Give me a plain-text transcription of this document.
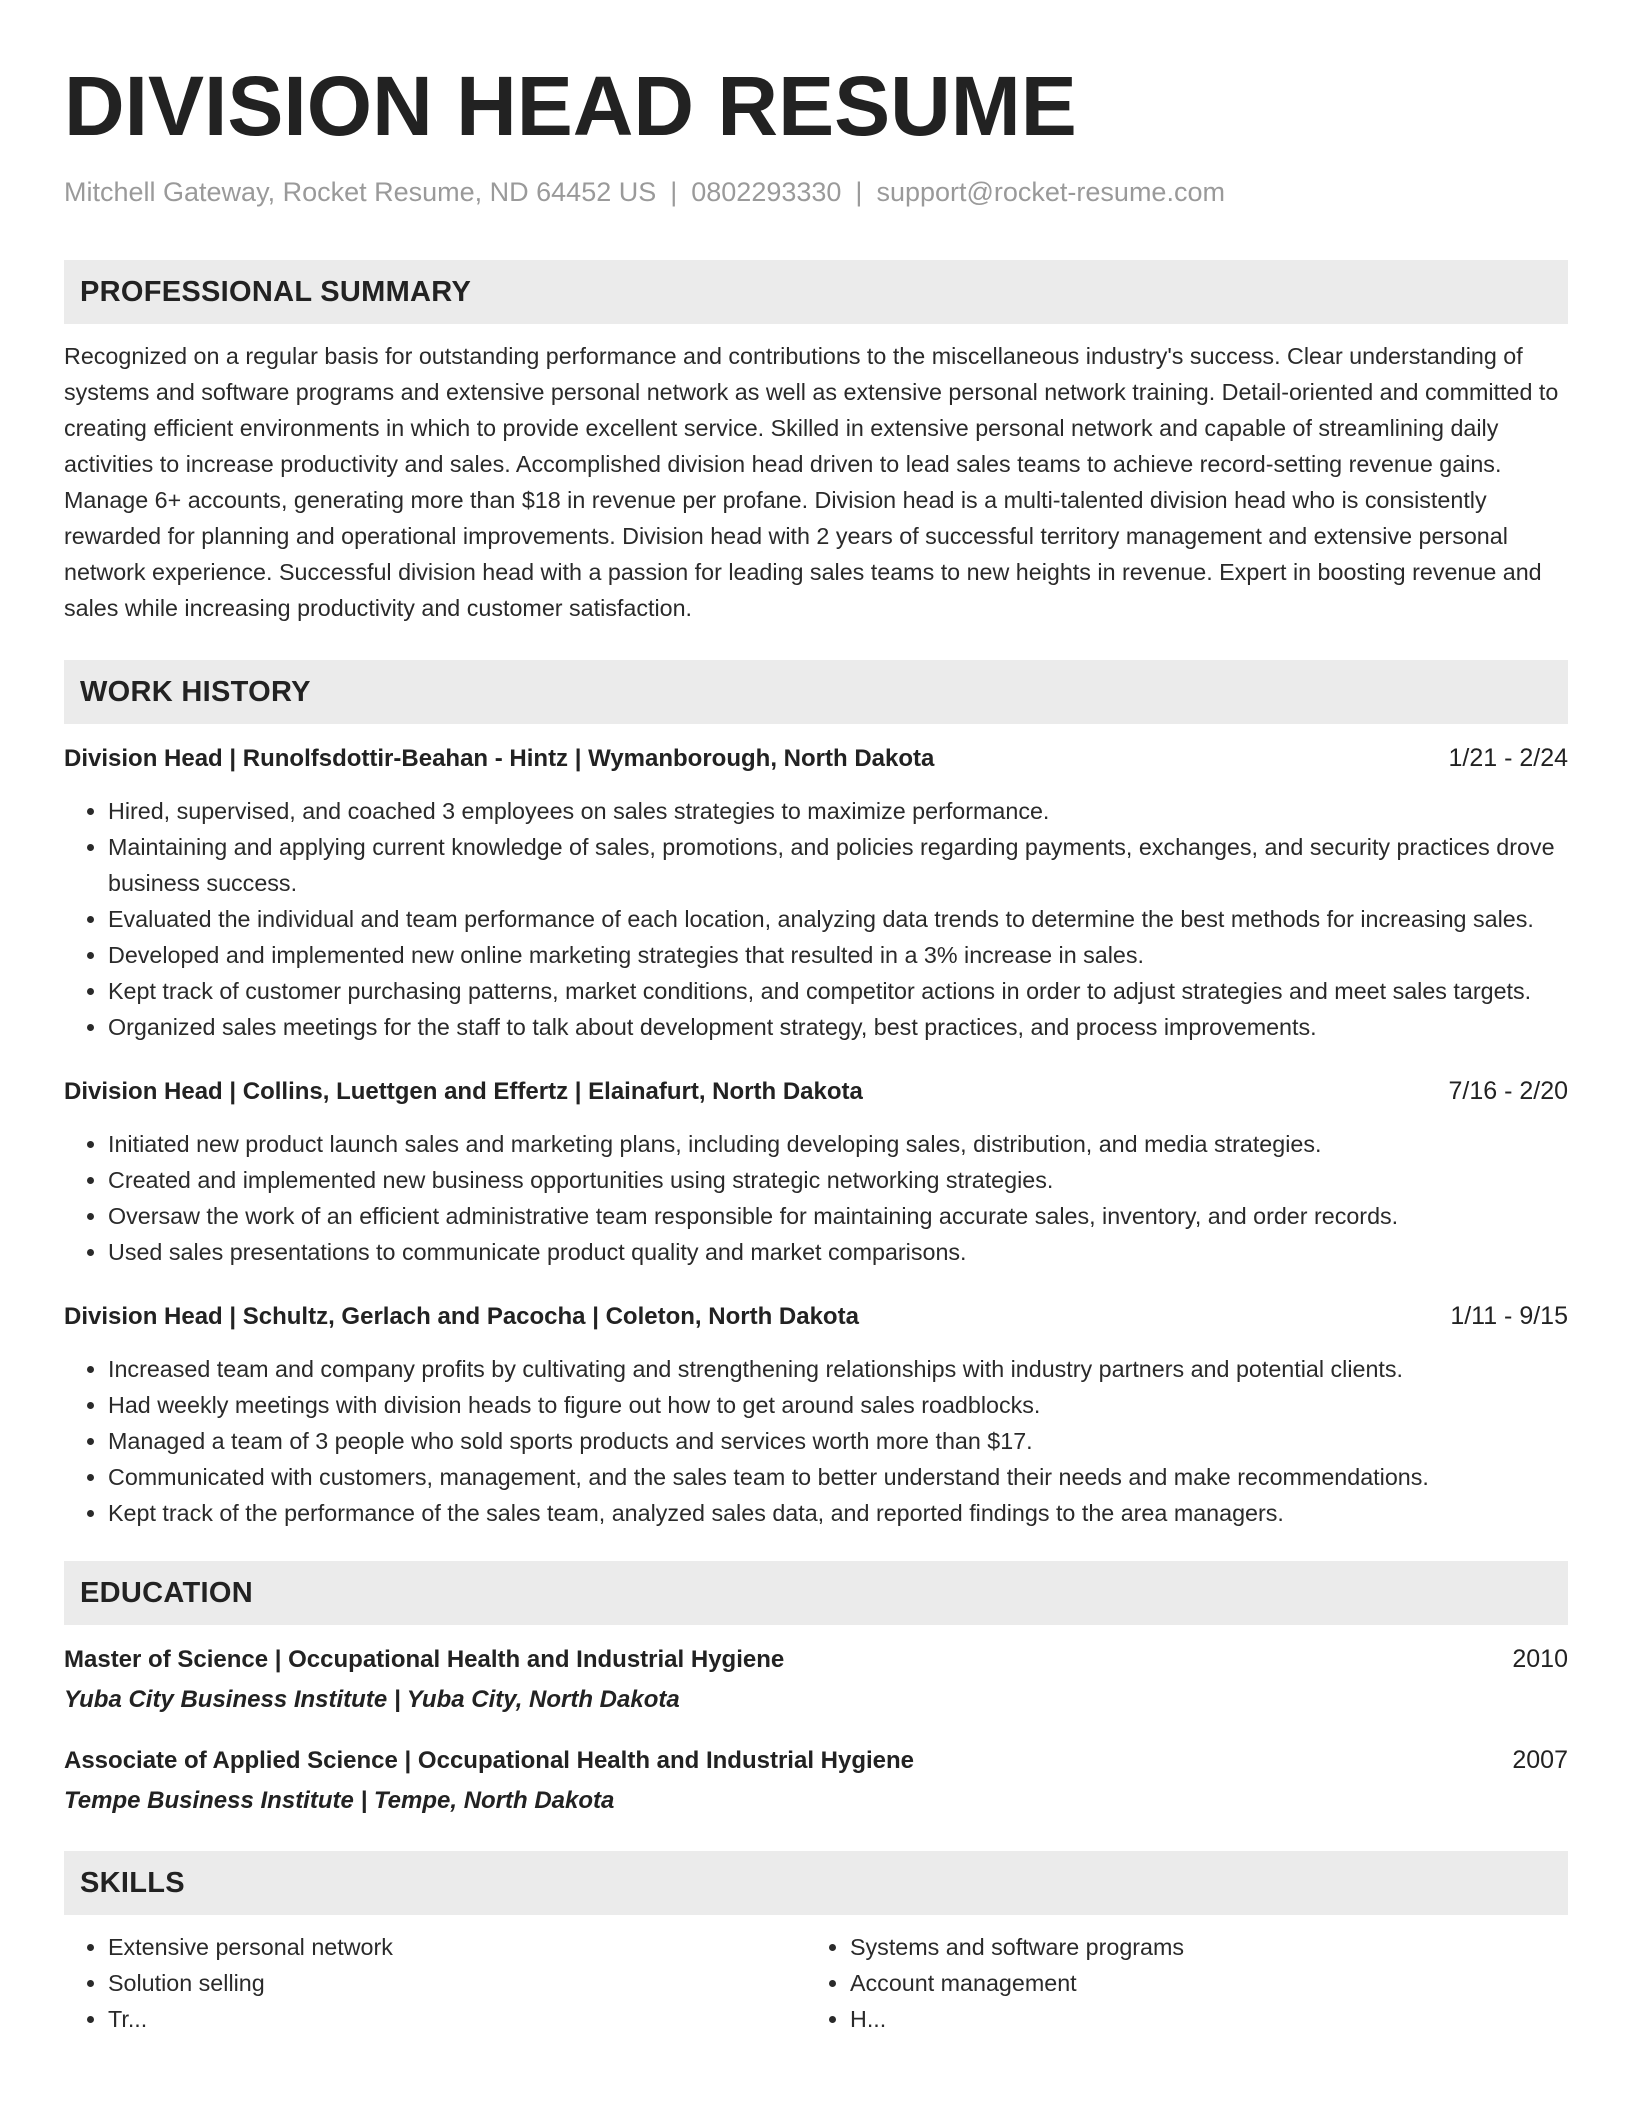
DIVISION HEAD RESUME
Mitchell Gateway, Rocket Resume, ND 64452 US | 0802293330 | support@rocket-resume.com
PROFESSIONAL SUMMARY
Recognized on a regular basis for outstanding performance and contributions to the miscellaneous industry's success. Clear understanding of systems and software programs and extensive personal network as well as extensive personal network training. Detail-oriented and committed to creating efficient environments in which to provide excellent service. Skilled in extensive personal network and capable of streamlining daily activities to increase productivity and sales. Accomplished division head driven to lead sales teams to achieve record-setting revenue gains. Manage 6+ accounts, generating more than $18 in revenue per profane. Division head is a multi-talented division head who is consistently rewarded for planning and operational improvements. Division head with 2 years of successful territory management and extensive personal network experience. Successful division head with a passion for leading sales teams to new heights in revenue. Expert in boosting revenue and sales while increasing productivity and customer satisfaction.
WORK HISTORY
Division Head | Runolfsdottir-Beahan - Hintz | Wymanborough, North Dakota	1/21 - 2/24
• Hired, supervised, and coached 3 employees on sales strategies to maximize performance.
• Maintaining and applying current knowledge of sales, promotions, and policies regarding payments, exchanges, and security practices drove business success.
• Evaluated the individual and team performance of each location, analyzing data trends to determine the best methods for increasing sales.
• Developed and implemented new online marketing strategies that resulted in a 3% increase in sales.
• Kept track of customer purchasing patterns, market conditions, and competitor actions in order to adjust strategies and meet sales targets.
• Organized sales meetings for the staff to talk about development strategy, best practices, and process improvements.
Division Head | Collins, Luettgen and Effertz | Elainafurt, North Dakota	7/16 - 2/20
• Initiated new product launch sales and marketing plans, including developing sales, distribution, and media strategies.
• Created and implemented new business opportunities using strategic networking strategies.
• Oversaw the work of an efficient administrative team responsible for maintaining accurate sales, inventory, and order records.
• Used sales presentations to communicate product quality and market comparisons.
Division Head | Schultz, Gerlach and Pacocha | Coleton, North Dakota	1/11 - 9/15
• Increased team and company profits by cultivating and strengthening relationships with industry partners and potential clients.
• Had weekly meetings with division heads to figure out how to get around sales roadblocks.
• Managed a team of 3 people who sold sports products and services worth more than $17.
• Communicated with customers, management, and the sales team to better understand their needs and make recommendations.
• Kept track of the performance of the sales team, analyzed sales data, and reported findings to the area managers.
EDUCATION
Master of Science | Occupational Health and Industrial Hygiene	2010
Yuba City Business Institute | Yuba City, North Dakota
Associate of Applied Science | Occupational Health and Industrial Hygiene	2007
Tempe Business Institute | Tempe, North Dakota
SKILLS
• Extensive personal network
• Solution selling
• Tr...
• Systems and software programs
• Account management
• H...
